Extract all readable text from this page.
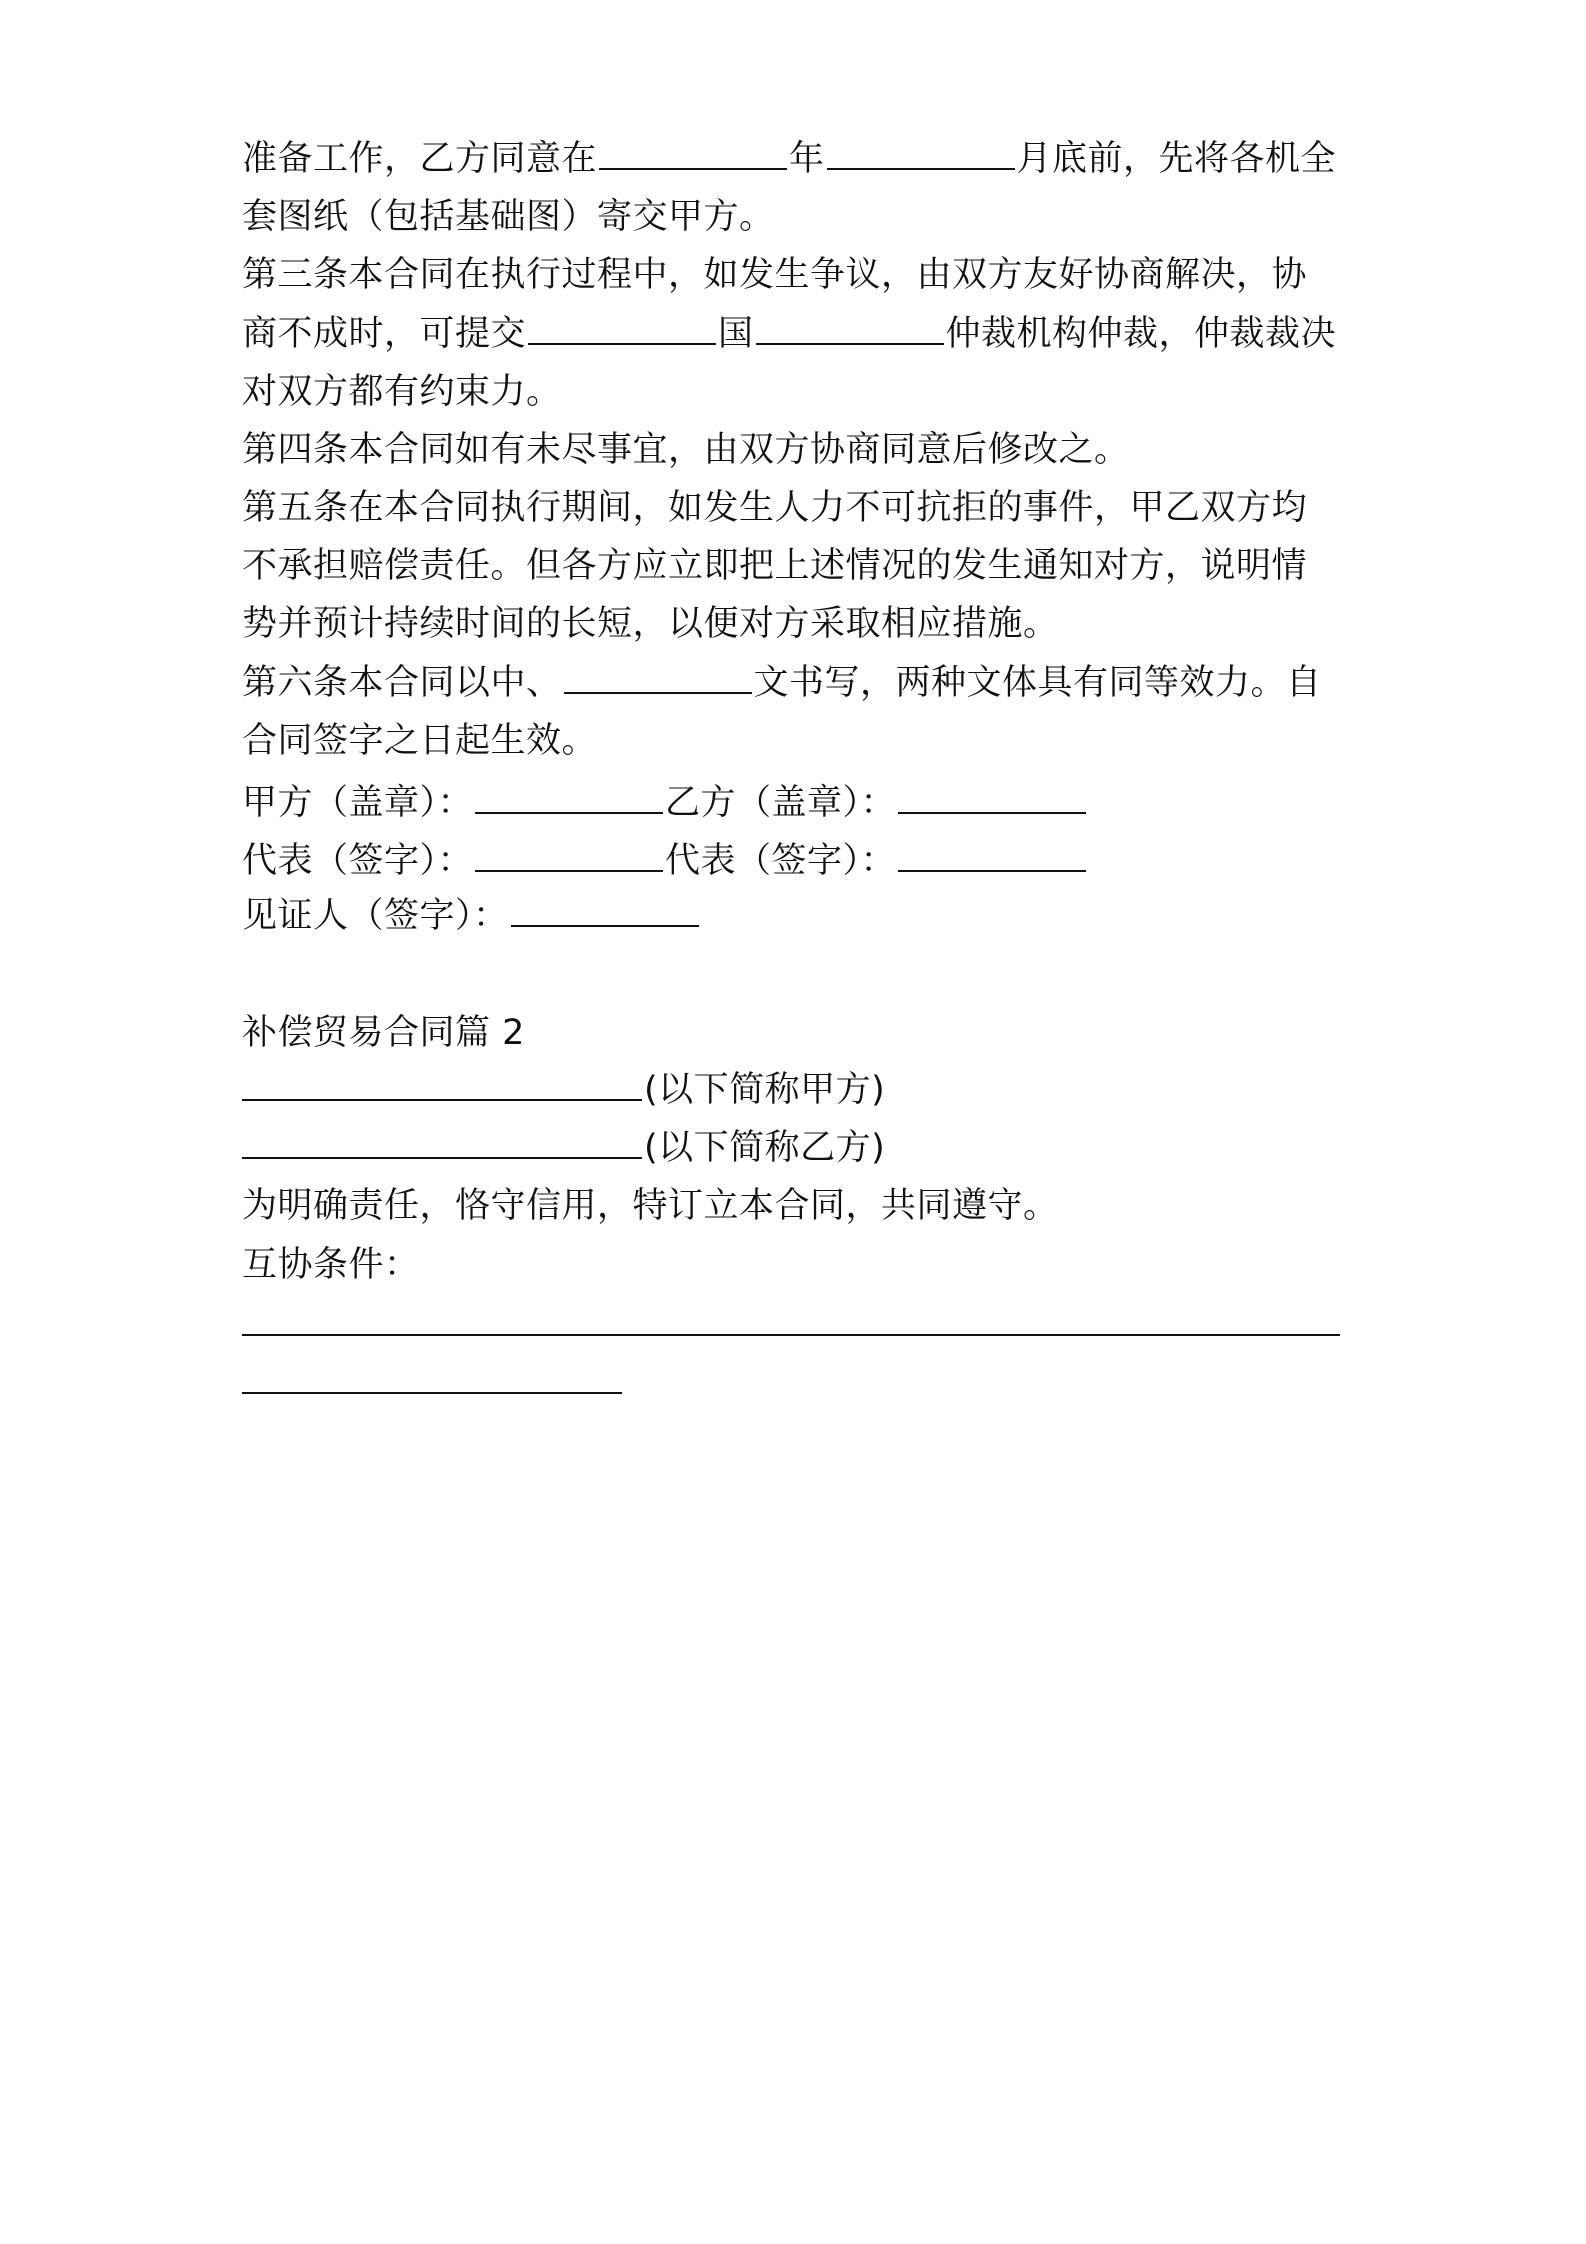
准备工作，乙方同意在	年	月底前，先将各机全
套图纸（包括基础图）寄交甲方。
第三条本合同在执行过程中，如发生争议，由双方友好协商解决，协
商不成时，可提交	国	仲裁机构仲裁，仲裁裁决
对双方都有约束力。
第四条本合同如有未尽事宜，由双方协商同意后修改之。
第五条在本合同执行期间，如发生人力不可抗拒的事件，甲乙双方均
不承担赔偿责任。但各方应立即把上述情况的发生通知对方，说明情
势并预计持续时间的长短，以便对方采取相应措施。
第六条本合同以中、	文书写，两种文体具有同等效力。自
合同签字之日起生效。
甲方（盖章）：	乙方（盖章）：
代表（签字）：	代表（签字）：
见证人（签字）：
补偿贸易合同篇 2
(以下简称甲方)
(以下简称乙方)
为明确责任，恪守信用，特订立本合同，共同遵守。
互协条件：
